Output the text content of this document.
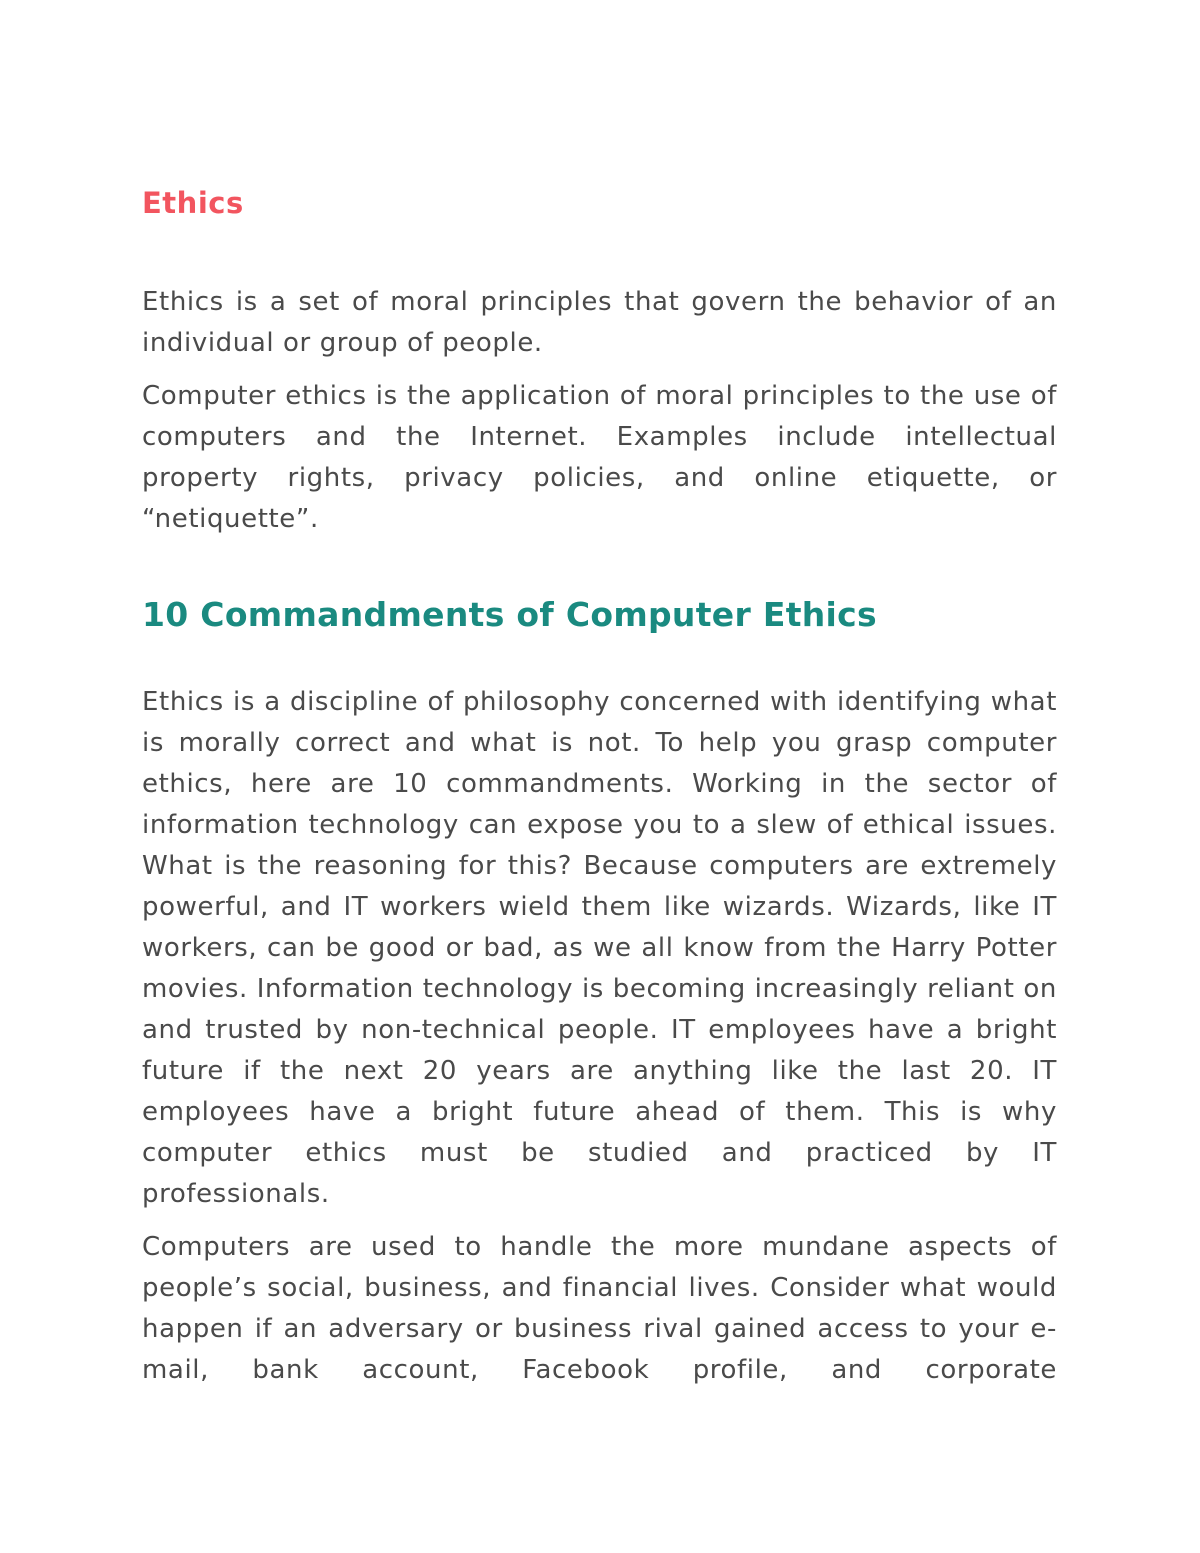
Ethics

Ethics is a set of moral principles that govern the behavior of an individual or group of people.

Computer ethics is the application of moral principles to the use of computers and the Internet. Examples include intellectual property rights, privacy policies, and online etiquette, or “netiquette”.

10 Commandments of Computer Ethics

Ethics is a discipline of philosophy concerned with identifying what is morally correct and what is not. To help you grasp computer ethics, here are 10 commandments. Working in the sector of information technology can expose you to a slew of ethical issues. What is the reasoning for this? Because computers are extremely powerful, and IT workers wield them like wizards. Wizards, like IT workers, can be good or bad, as we all know from the Harry Potter movies. Information technology is becoming increasingly reliant on and trusted by non-technical people. IT employees have a bright future if the next 20 years are anything like the last 20. IT employees have a bright future ahead of them. This is why computer ethics must be studied and practiced by IT professionals.

Computers are used to handle the more mundane aspects of people’s social, business, and financial lives. Consider what would happen if an adversary or business rival gained access to your e-mail, bank account, Facebook profile, and corporate
